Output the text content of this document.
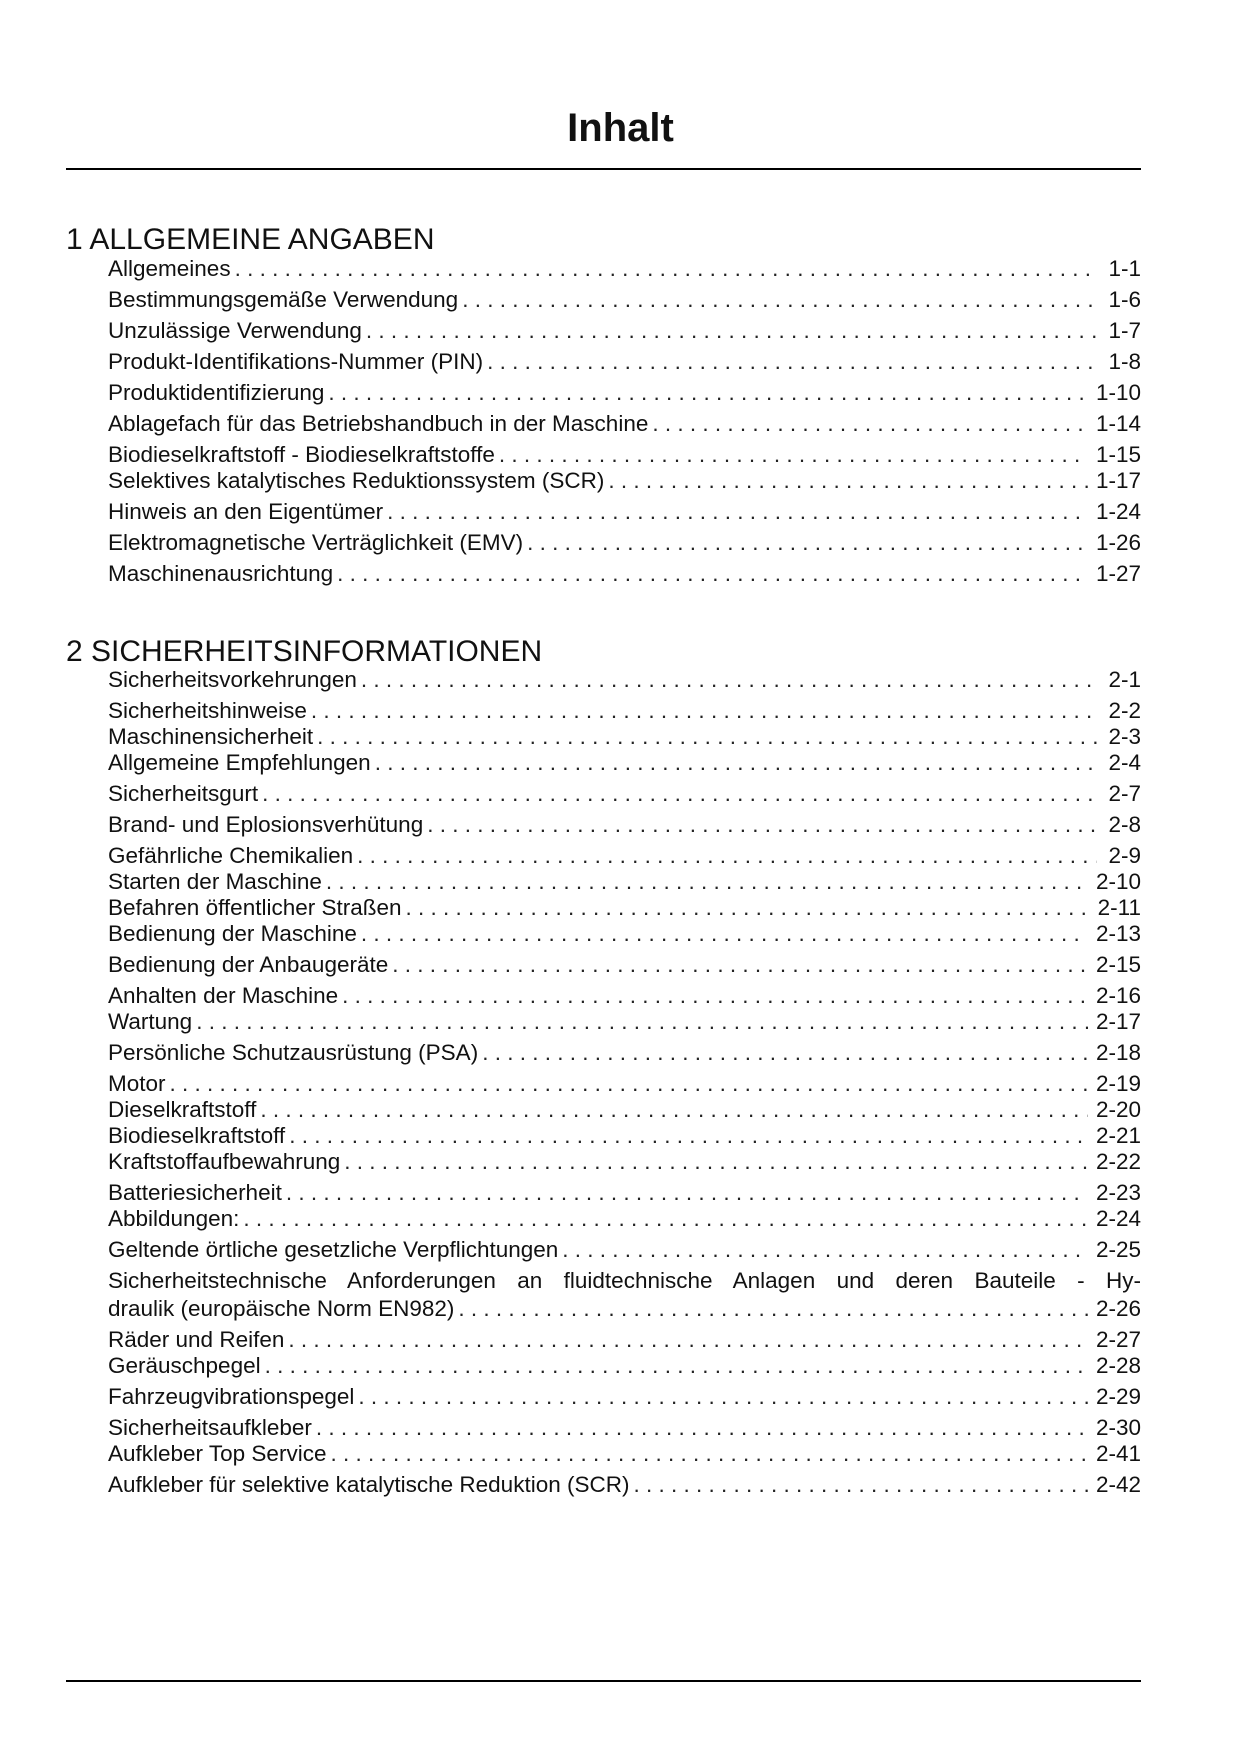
Inhalt
1 ALLGEMEINE ANGABEN
Allgemeines . . .	1-1
Bestimmungsgemäße Verwendung . . .	1-6
Unzulässige Verwendung . . .	1-7
Produkt-Identifikations-Nummer (PIN) . . .	1-8
Produktidentifizierung . . .	1-10
Ablagefach für das Betriebshandbuch in der Maschine . . .	1-14
Biodieselkraftstoff - Biodieselkraftstoffe . . .	1-15
Selektives katalytisches Reduktionssystem (SCR) . . .	1-17
Hinweis an den Eigentümer . . .	1-24
Elektromagnetische Verträglichkeit (EMV) . . .	1-26
Maschinenausrichtung . . .	1-27
2 SICHERHEITSINFORMATIONEN
Sicherheitsvorkehrungen . . .	2-1
Sicherheitshinweise . . .	2-2
Maschinensicherheit . . .	2-3
Allgemeine Empfehlungen . . .	2-4
Sicherheitsgurt . . .	2-7
Brand- und Eplosionsverhütung . . .	2-8
Gefährliche Chemikalien . . .	2-9
Starten der Maschine . . .	2-10
Befahren öffentlicher Straßen . . .	2-11
Bedienung der Maschine . . .	2-13
Bedienung der Anbaugeräte . . .	2-15
Anhalten der Maschine . . .	2-16
Wartung . . .	2-17
Persönliche Schutzausrüstung (PSA) . . .	2-18
Motor . . .	2-19
Dieselkraftstoff . . .	2-20
Biodieselkraftstoff . . .	2-21
Kraftstoffaufbewahrung . . .	2-22
Batteriesicherheit . . .	2-23
Abbildungen: . . .	2-24
Geltende örtliche gesetzliche Verpflichtungen . . .	2-25
Sicherheitstechnische Anforderungen an fluidtechnische Anlagen und deren Bauteile - Hy-
draulik (europäische Norm EN982) . . .	2-26
Räder und Reifen . . .	2-27
Geräuschpegel . . .	2-28
Fahrzeugvibrationspegel . . .	2-29
Sicherheitsaufkleber . . .	2-30
Aufkleber Top Service . . .	2-41
Aufkleber für selektive katalytische Reduktion (SCR) . . .	2-42
